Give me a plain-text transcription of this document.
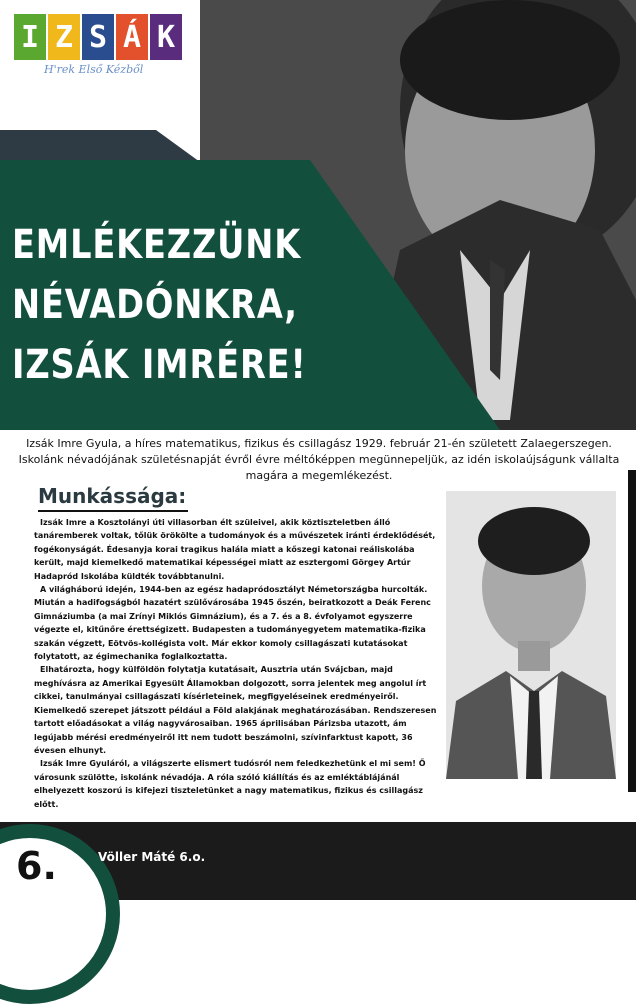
I Z S Á K
H'rek Első Kézből
EMLÉKEZZÜNK
NÉVADÓNKRA,
IZSÁK IMRÉRE!

Izsák Imre Gyula, a híres matematikus, fizikus és csillagász 1929. február 21-én született Zalaegerszegen. Iskolánk névadójának születésnapját évről évre méltóképpen megünnepeljük, az idén iskolaújságunk vállalta magára a megemlékezést.

Munkássága:

Izsák Imre a Kosztolányi úti villasorban élt szüleivel, akik köztiszteletben álló tanáremberek voltak, tőlük örökölte a tudományok és a művészetek iránti érdeklődését, fogékonyságát. Édesanyja korai tragikus halála miatt a kőszegi katonai reáliskolába került, majd kiemelkedő matematikai képességei miatt az esztergomi Görgey Artúr Hadapród Iskolába küldték továbbtanulni.

A világháború idején, 1944-ben az egész hadapródosztályt Németországba hurcolták. Miután a hadifogságból hazatért szülővárosába 1945 őszén, beiratkozott a Deák Ferenc Gimnáziumba (a mai Zrínyi Miklós Gimnázium), és a 7. és a 8. évfolyamot egyszerre végezte el, kitűnőre érettségizett. Budapesten a tudományegyetem matematika-fizika szakán végzett, Eötvös-kollégista volt. Már ekkor komoly csillagászati kutatásokat folytatott, az égimechanika foglalkoztatta.

Elhatározta, hogy külföldön folytatja kutatásait, Ausztria után Svájcban, majd meghívásra az Amerikai Egyesült Államokban dolgozott, sorra jelentek meg angolul írt cikkei, tanulmányai csillagászati kísérleteinek, megfigyeléseinek eredményeiről. Kiemelkedő szerepet játszott például a Föld alakjának meghatározásában. Rendszeresen tartott előadásokat a világ nagyvárosaiban. 1965 áprilisában Párizsba utazott, ám legújabb mérési eredményeiről itt nem tudott beszámolni, szívinfarktust kapott, 36 évesen elhunyt.

Izsák Imre Gyuláról, a világszerte elismert tudósról nem feledkezhetünk el mi sem! Ő városunk szülötte, iskolánk névadója. A róla szóló kiállítás és az emléktáblájánál elhelyezett koszorú is kifejezi tiszteletünket a nagy matematikus, fizikus és csillagász előtt.

6.	Völler Máté 6.o.
